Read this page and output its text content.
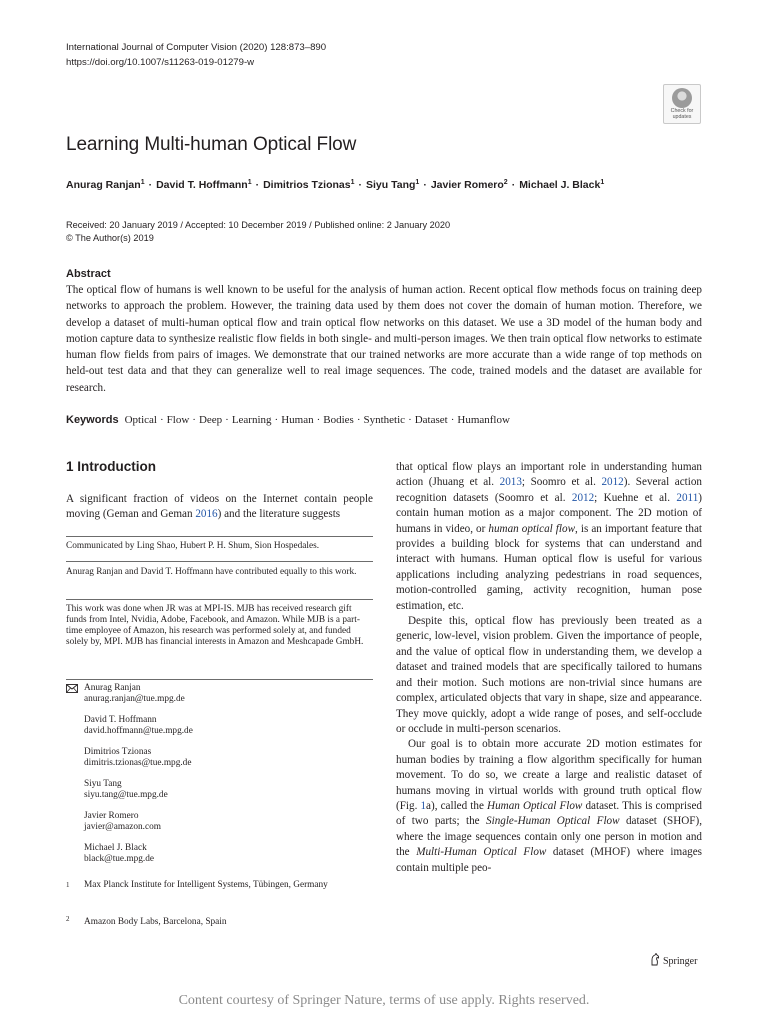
International Journal of Computer Vision (2020) 128:873–890
https://doi.org/10.1007/s11263-019-01279-w
Check for
updates
Learning Multi-human Optical Flow
Anurag Ranjan$^1$ · David T. Hoffmann$^1$ · Dimitrios Tzionas$^1$ · Siyu Tang$^1$ · Javier Romero$^2$ · Michael J. Black$^1$
Received: 20 January 2019 / Accepted: 10 December 2019 / Published online: 2 January 2020
© The Author(s) 2019
Abstract
The optical flow of humans is well known to be useful for the analysis of human action. Recent optical flow methods focus on training deep networks to approach the problem. However, the training data used by them does not cover the domain of human motion. Therefore, we develop a dataset of multi-human optical flow and train optical flow networks on this dataset. We use a 3D model of the human body and motion capture data to synthesize realistic flow fields in both single- and multi-person images. We then train optical flow networks to estimate human flow fields from pairs of images. We demonstrate that our trained networks are more accurate than a wide range of top methods on held-out test data and that they can generalize well to real image sequences. The code, trained models and the dataset are available for research.
Keywords Optical · Flow · Deep · Learning · Human · Bodies · Synthetic · Dataset · Humanflow
1 Introduction
A significant fraction of videos on the Internet contain people moving (Geman and Geman 2016) and the literature suggests
Communicated by Ling Shao, Hubert P. H. Shum, Sion Hospedales.
Anurag Ranjan and David T. Hoffmann have contributed equally to this work.
This work was done when JR was at MPI-IS. MJB has received research gift funds from Intel, Nvidia, Adobe, Facebook, and Amazon. While MJB is a part-time employee of Amazon, his research was performed solely at, and funded solely by, MPI. MJB has financial interests in Amazon and Meshcapade GmbH.
Anurag Ranjan
anurag.ranjan@tue.mpg.de
David T. Hoffmann
david.hoffmann@tue.mpg.de
Dimitrios Tzionas
dimitris.tzionas@tue.mpg.de
Siyu Tang
siyu.tang@tue.mpg.de
Javier Romero
javier@amazon.com
Michael J. Black
black@tue.mpg.de
1 Max Planck Institute for Intelligent Systems, Tübingen, Germany
2 Amazon Body Labs, Barcelona, Spain

that optical flow plays an important role in understanding human action (Jhuang et al. 2013; Soomro et al. 2012). Several action recognition datasets (Soomro et al. 2012; Kuehne et al. 2011) contain human motion as a major component. The 2D motion of humans in video, or human optical flow, is an important feature that provides a building block for systems that can understand and interact with humans. Human optical flow is useful for various applications including analyzing pedestrians in road sequences, motion-controlled gaming, activity recognition, human pose estimation, etc.

Despite this, optical flow has previously been treated as a generic, low-level, vision problem. Given the importance of people, and the value of optical flow in understanding them, we develop a dataset and trained models that are specifically tailored to humans and their motion. Such motions are non-trivial since humans are complex, articulated objects that vary in shape, size and appearance. They move quickly, adopt a wide range of poses, and self-occlude or occlude in multi-person scenarios.

Our goal is to obtain more accurate 2D motion estimates for human bodies by training a flow algorithm specifically for human movement. To do so, we create a large and realistic dataset of humans moving in virtual worlds with ground truth optical flow (Fig. 1a), called the Human Optical Flow dataset. This is comprised of two parts; the Single-Human Optical Flow dataset (SHOF), where the image sequences contain only one person in motion and the Multi-Human Optical Flow dataset (MHOF) where images contain multiple peo-

Springer
Content courtesy of Springer Nature, terms of use apply. Rights reserved.
